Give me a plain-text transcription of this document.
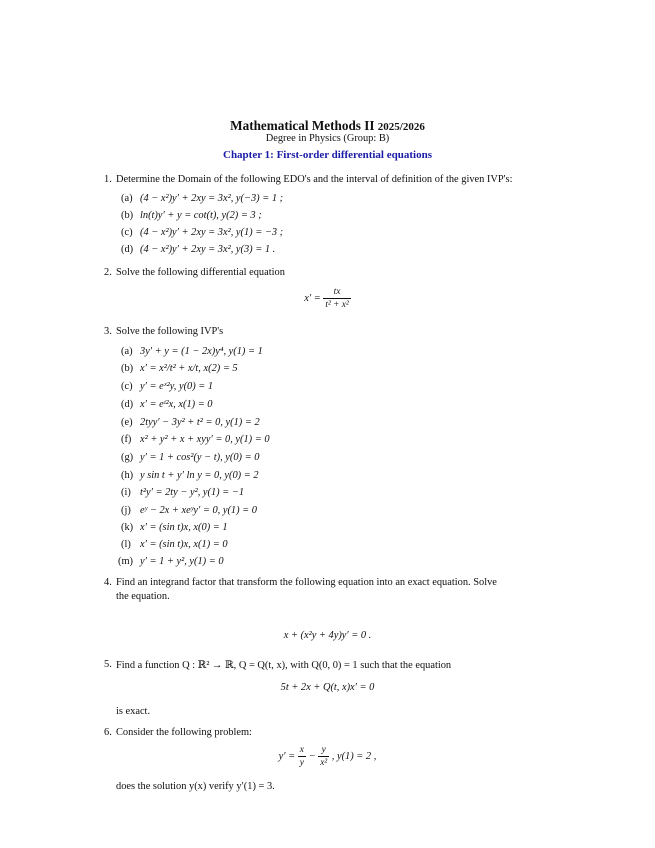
Mathematical Methods II 2025/2026
Degree in Physics (Group: B)
Chapter 1: First-order differential equations
1. Determine the Domain of the following EDO's and the interval of definition of the given IVP's:
(a) (4 − x²)y′ + 2xy = 3x², y(−3) = 1 ;
(b) ln(t)y′ + y = cot(t), y(2) = 3 ;
(c) (4 − x²)y′ + 2xy = 3x², y(1) = −3 ;
(d) (4 − x²)y′ + 2xy = 3x², y(3) = 1 .
2. Solve the following differential equation
$x' = \frac{tx}{\text{t² + x²}}$
3. Solve the following IVP's
(a) 3y′ + y = (1 − 2x)y⁴, y(1) = 1
(b) x′ = x²/t² + x/t, x(2) = 5
(c) y′ = eˣ²y, y(0) = 1
(d) x′ = eᵗ²x, x(1) = 0
(e) 2tyy′ − 3y² + t² = 0, y(1) = 2
(f) x² + y² + x + xyy′ = 0, y(1) = 0
(g) y′ = 1 + cos²(y − t), y(0) = 0
(h) y sin t + y′ ln y = 0, y(0) = 2
(i) t²y′ = 2ty − y², y(1) = −1
(j) eʸ − 2x + xeʸy′ = 0, y(1) = 0
(k) x′ = (sin t)x, x(0) = 1
(l) x′ = (sin t)x, x(1) = 0
(m) y′ = 1 + y², y(1) = 0
4. Find an integrand factor that transform the following equation into an exact equation. Solve
the equation.
x + (x²y + 4y)y′ = 0 .
5. Find a function Q : ℝ² → ℝ, Q = Q(t, x), with Q(0, 0) = 1 such that the equation
5t + 2x + Q(t, x)x′ = 0
is exact.
6. Consider the following problem:
$y' = \frac{x}{y} - \frac{y}{\text{x²}}$ , y(1) = 2 ,
does the solution y(x) verify y′(1) = 3.
